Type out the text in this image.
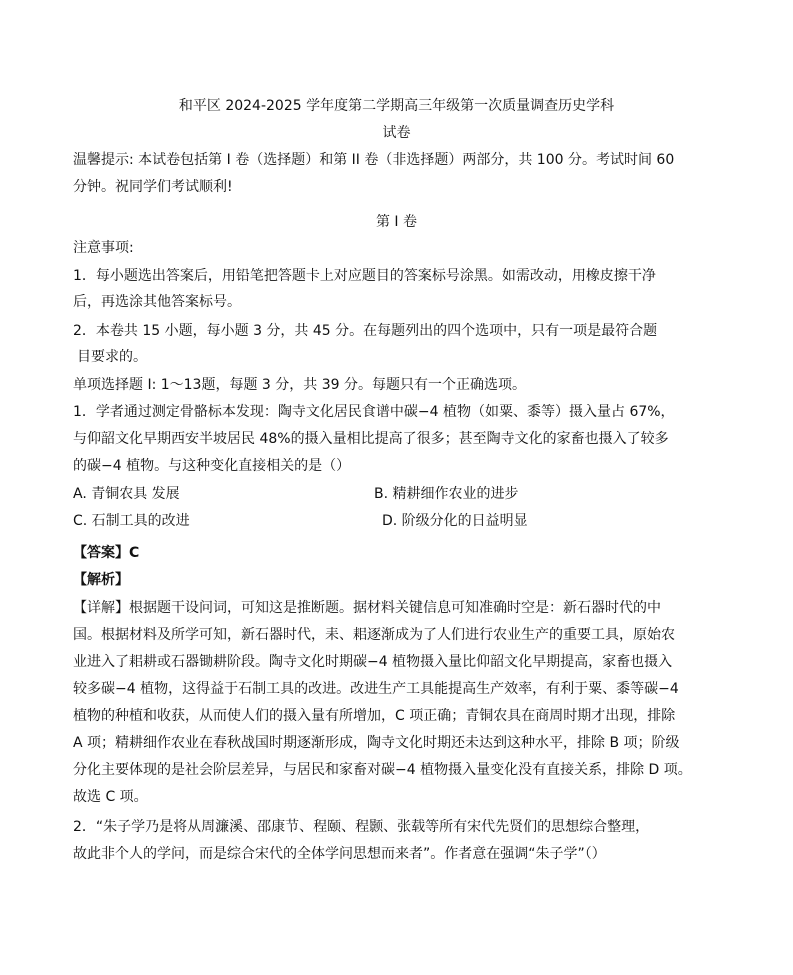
和平区 2024-2025 学年度第二学期高三年级第一次质量调查历史学科
试卷
温馨提示: 本试卷包括第 I 卷（选择题）和第 II 卷（非选择题）两部分，共 100 分。考试时间 60
分钟。祝同学们考试顺利!
第 I 卷
注意事项:
1．每小题选出答案后，用铅笔把答题卡上对应题目的答案标号涂黑。如需改动，用橡皮擦干净
后，再选涂其他答案标号。
2．本卷共 15 小题，每小题 3 分，共 45 分。在每题列出的四个选项中，只有一项是最符合题
目要求的。
单项选择题 I: 1～13题，每题 3 分，共 39 分。每题只有一个正确选项。
1．学者通过测定骨骼标本发现：陶寺文化居民食谱中碳−4 植物（如粟、黍等）摄入量占 67%，
与仰韶文化早期西安半坡居民 48%的摄入量相比提高了很多；甚至陶寺文化的家畜也摄入了较多
的碳−4 植物。与这种变化直接相关的是（）
A. 青铜农具 发展	B. 精耕细作农业的进步
C. 石制工具的改进	D. 阶级分化的日益明显
【答案】C
【解析】
【详解】根据题干设问词，可知这是推断题。据材料关键信息可知准确时空是：新石器时代的中
国。根据材料及所学可知，新石器时代，耒、耜逐渐成为了人们进行农业生产的重要工具，原始农
业进入了耜耕或石器锄耕阶段。陶寺文化时期碳−4 植物摄入量比仰韶文化早期提高，家畜也摄入
较多碳−4 植物，这得益于石制工具的改进。改进生产工具能提高生产效率，有利于粟、黍等碳−4
植物的种植和收获，从而使人们的摄入量有所增加，C 项正确；青铜农具在商周时期才出现，排除
A 项；精耕细作农业在春秋战国时期逐渐形成，陶寺文化时期还未达到这种水平，排除 B 项；阶级
分化主要体现的是社会阶层差异，与居民和家畜对碳−4 植物摄入量变化没有直接关系，排除 D 项。
故选 C 项。
2．“朱子学乃是将从周濂溪、邵康节、程颐、程颢、张载等所有宋代先贤们的思想综合整理，
故此非个人的学问，而是综合宋代的全体学问思想而来者”。作者意在强调“朱子学”（）
